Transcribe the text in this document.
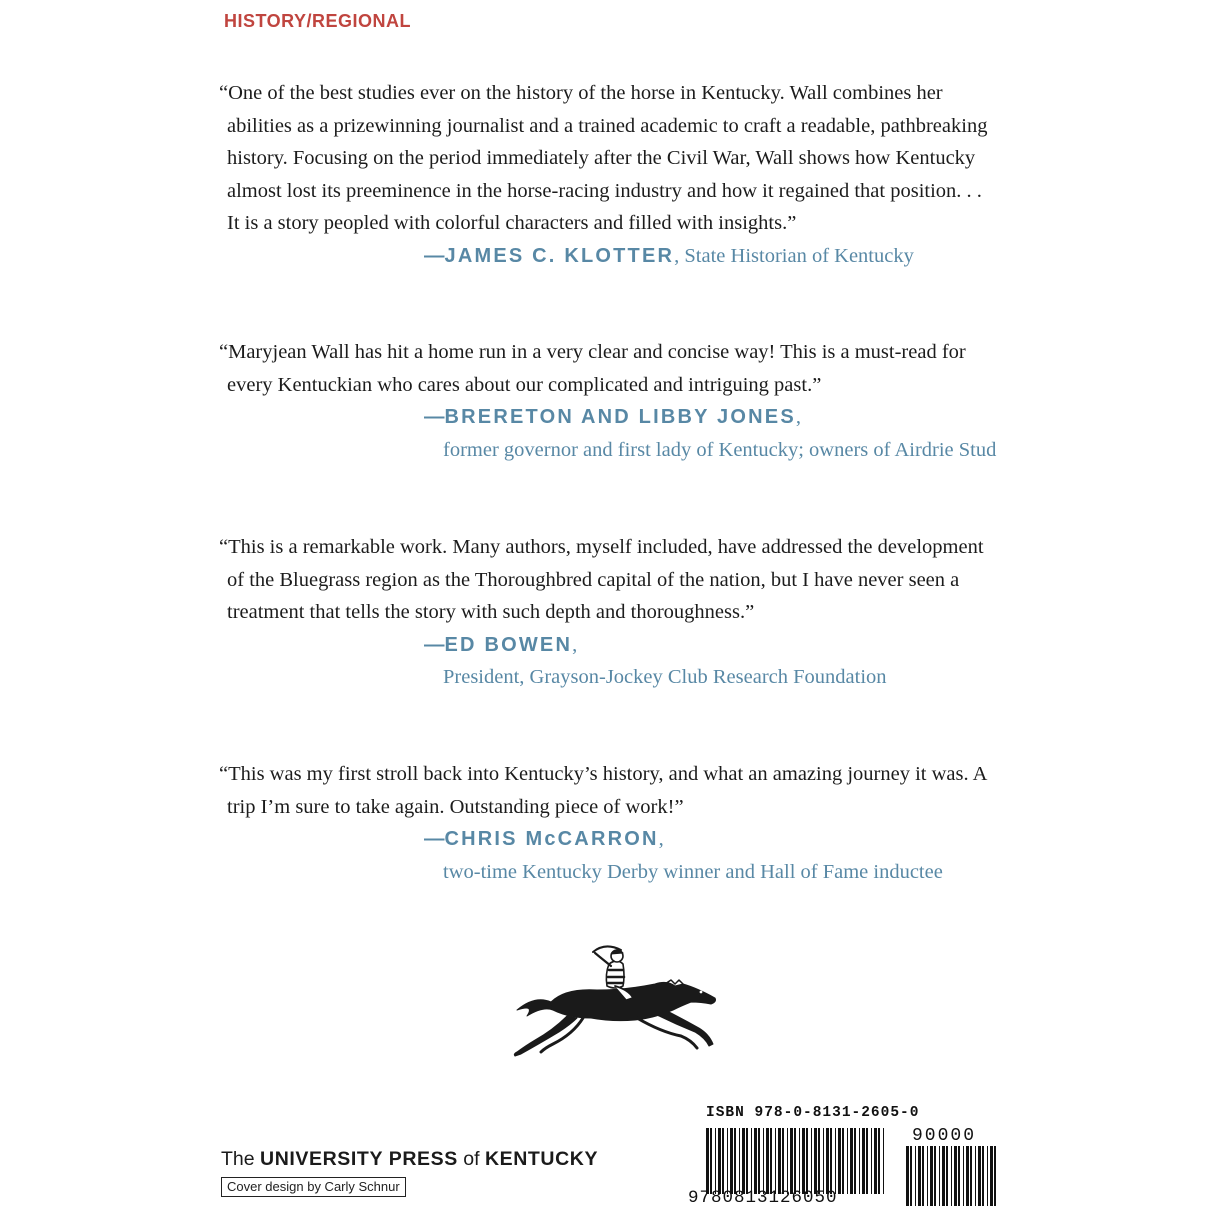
HISTORY/REGIONAL

“One of the best studies ever on the history of the horse in Kentucky. Wall combines her abilities as a prizewinning journalist and a trained academic to craft a readable, pathbreaking history. Focusing on the period immediately after the Civil War, Wall shows how Kentucky almost lost its preeminence in the horse-racing industry and how it regained that position. . . It is a story peopled with colorful characters and filled with insights.”

—JAMES C. KLOTTER, State Historian of Kentucky

“Maryjean Wall has hit a home run in a very clear and concise way! This is a must-read for every Kentuckian who cares about our complicated and intriguing past.”

—BRERETON AND LIBBY JONES,
former governor and first lady of Kentucky; owners of Airdrie Stud

“This is a remarkable work. Many authors, myself included, have addressed the development of the Bluegrass region as the Thoroughbred capital of the nation, but I have never seen a treatment that tells the story with such depth and thoroughness.”

—ED BOWEN,
President, Grayson-Jockey Club Research Foundation

“This was my first stroll back into Kentucky’s history, and what an amazing journey it was. A trip I’m sure to take again. Outstanding piece of work!”

—CHRIS McCARRON,
two-time Kentucky Derby winner and Hall of Fame inductee
The UNIVERSITY PRESS of KENTUCKY
Cover design by Carly Schnur
ISBN 978-0-8131-2605-0
9780813126050
90000
